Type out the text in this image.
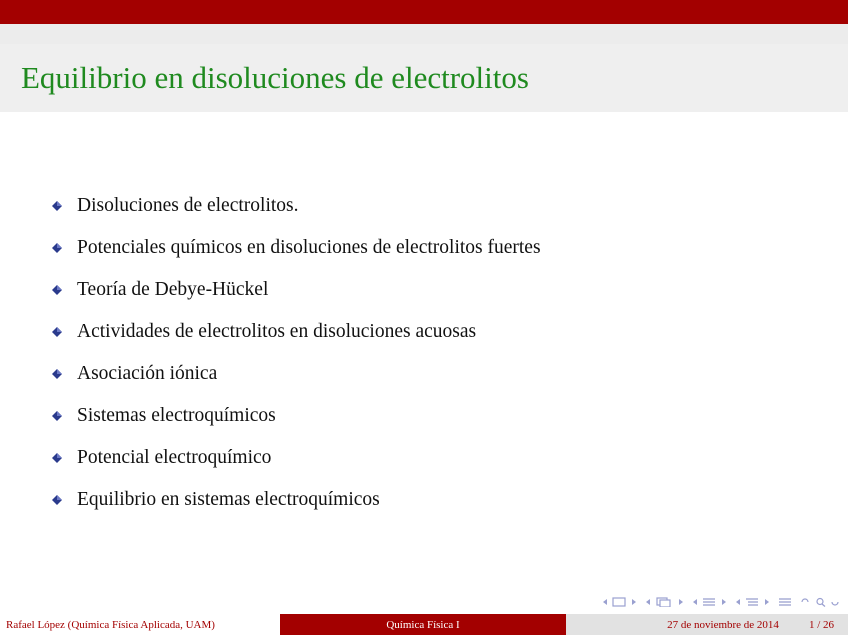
Equilibrio en disoluciones de electrolitos
Disoluciones de electrolitos.
Potenciales químicos en disoluciones de electrolitos fuertes
Teoría de Debye-Hückel
Actividades de electrolitos en disoluciones acuosas
Asociación iónica
Sistemas electroquímicos
Potencial electroquímico
Equilibrio en sistemas electroquímicos
Rafael López (Química Física Aplicada, UAM)	Química Física I	27 de noviembre de 2014	1 / 26
